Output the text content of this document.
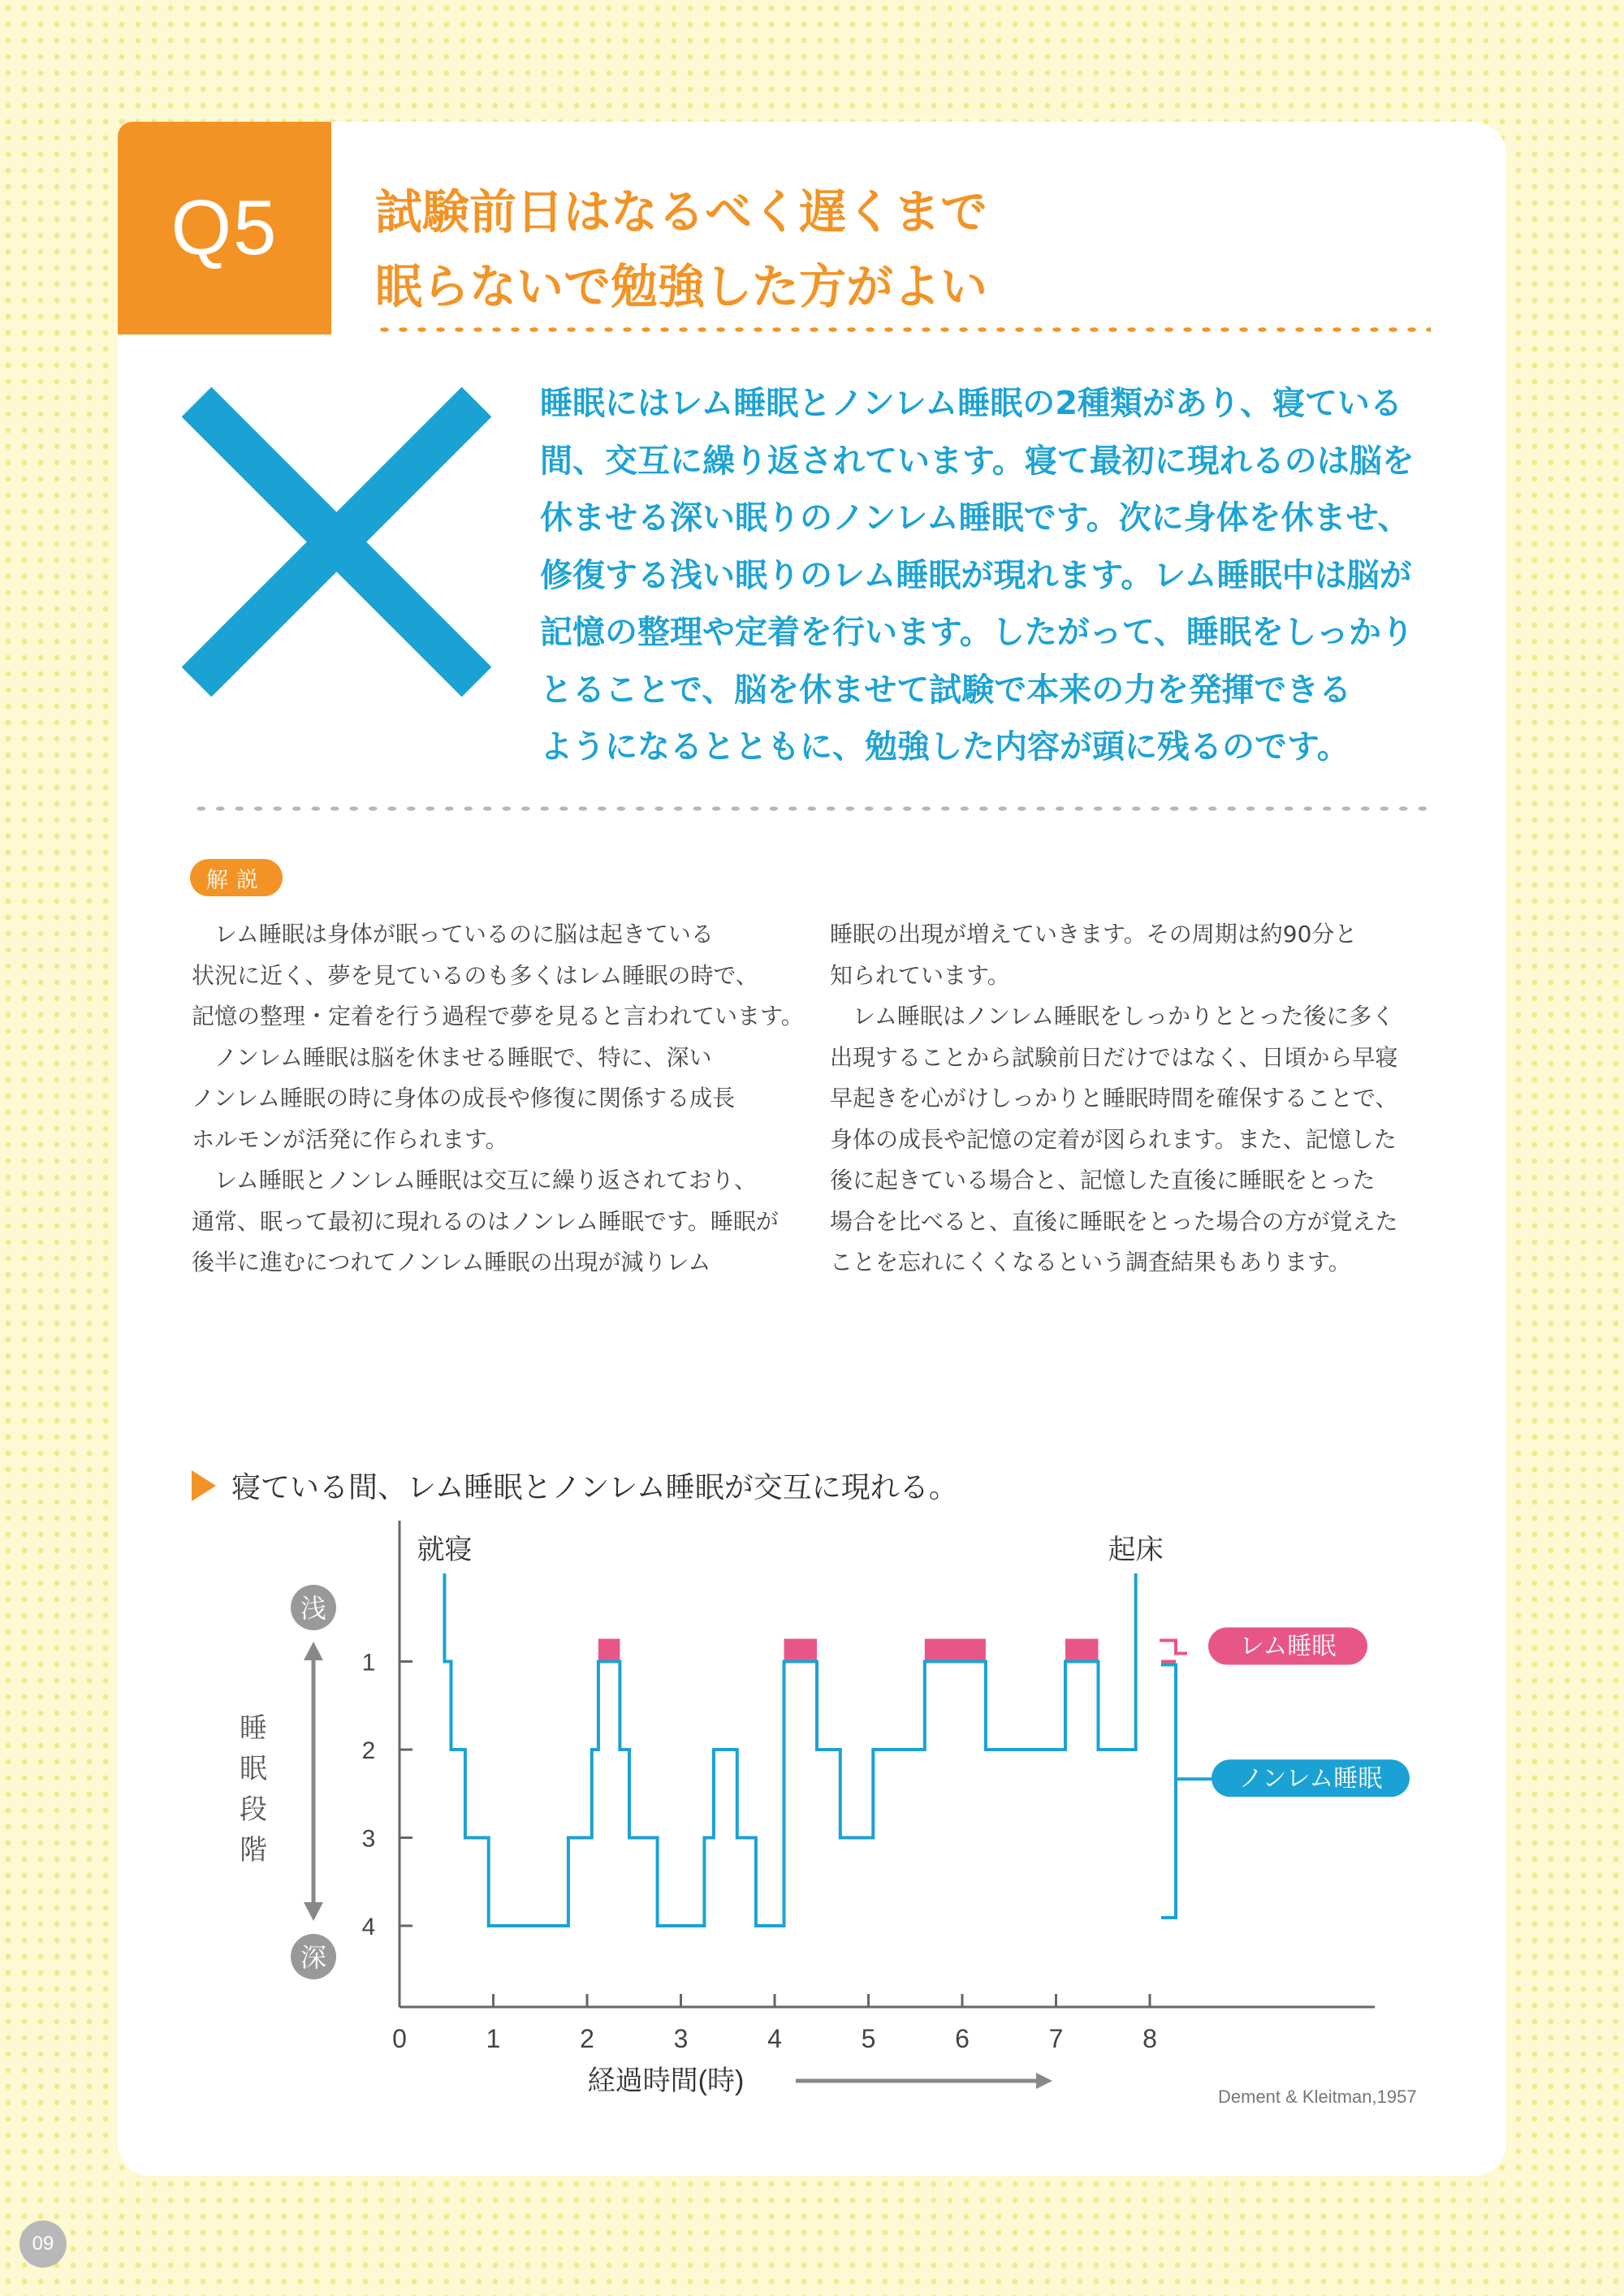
Q5 試験前日はなるべく遅くまで
眠らないで勉強した方がよい
睡眠にはレム睡眠とノンレム睡眠の2種類があり、寝ている
間、交互に繰り返されています。寝て最初に現れるのは脳を
休ませる深い眠りのノンレム睡眠です。次に身体を休ませ、
修復する浅い眠りのレム睡眠が現れます。レム睡眠中は脳が
記憶の整理や定着を行います。したがって、睡眠をしっかり
とることで、脳を休ませて試験で本来の力を発揮できる
ようになるとともに、勉強した内容が頭に残るのです。
解説
　レム睡眠は身体が眠っているのに脳は起きている
状況に近く、夢を見ているのも多くはレム睡眠の時で、
記憶の整理・定着を行う過程で夢を見ると言われています。
　ノンレム睡眠は脳を休ませる睡眠で、特に、深い
ノンレム睡眠の時に身体の成長や修復に関係する成長
ホルモンが活発に作られます。
　レム睡眠とノンレム睡眠は交互に繰り返されており、
通常、眠って最初に現れるのはノンレム睡眠です。睡眠が
後半に進むにつれてノンレム睡眠の出現が減りレム
睡眠の出現が増えていきます。その周期は約90分と
知られています。
　レム睡眠はノンレム睡眠をしっかりととった後に多く
出現することから試験前日だけではなく、日頃から早寝
早起きを心がけしっかりと睡眠時間を確保することで、
身体の成長や記憶の定着が図られます。また、記憶した
後に起きている場合と、記憶した直後に睡眠をとった
場合を比べると、直後に睡眠をとった場合の方が覚えた
ことを忘れにくくなるという調査結果もあります。
寝ている間、レム睡眠とノンレム睡眠が交互に現れる。
0	1	2	3	4	5	6	7	8
1
2
3
4
浅
深
睡
眠
段
階
経過時間(時)
就寝	起床
レム睡眠
ノンレム睡眠
Dement & Kleitman,1957
09
